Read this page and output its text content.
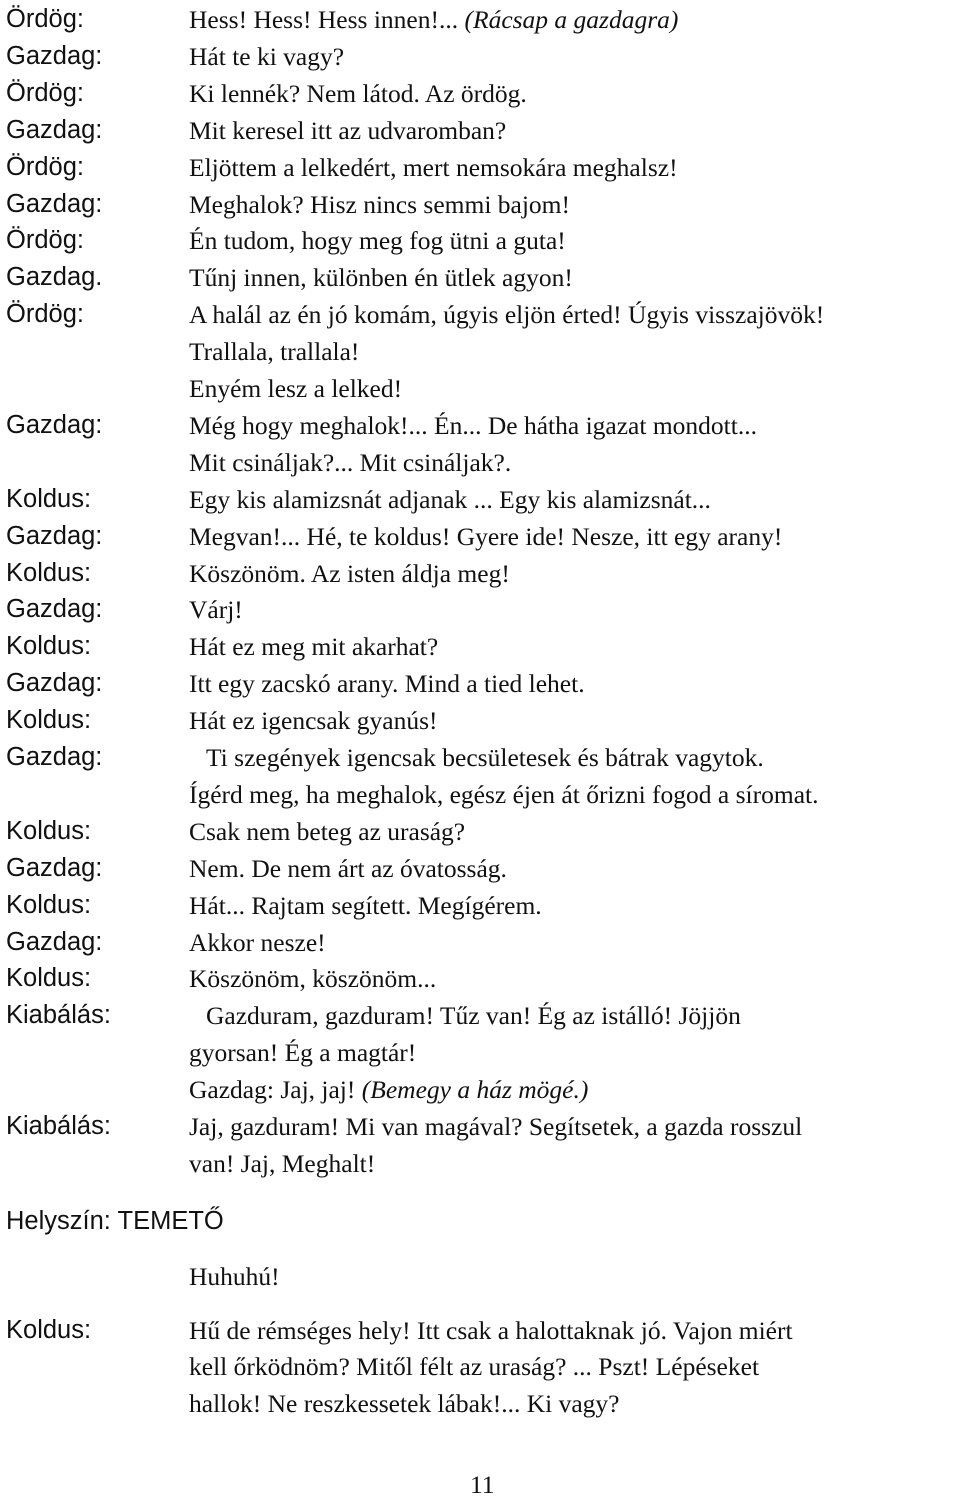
Ördög:	Hess! Hess! Hess innen!... (Rácsap a gazdagra)
Gazdag:	Hát te ki vagy?
Ördög:	Ki lennék? Nem látod. Az ördög.
Gazdag:	Mit keresel itt az udvaromban?
Ördög:	Eljöttem a lelkedért, mert nemsokára meghalsz!
Gazdag:	Meghalok? Hisz nincs semmi bajom!
Ördög:	Én tudom, hogy meg fog ütni a guta!
Gazdag.	Tűnj innen, különben én ütlek agyon!
Ördög:	A halál az én jó komám, úgyis eljön érted! Úgyis visszajövök!
Trallala, trallala!
Enyém lesz a lelked!
Gazdag:	Még hogy meghalok!... Én... De hátha igazat mondott...
Mit csináljak?... Mit csináljak?.
Koldus:	Egy kis alamizsnát adjanak ... Egy kis alamizsnát...
Gazdag:	Megvan!... Hé, te koldus! Gyere ide! Nesze, itt egy arany!
Koldus:	Köszönöm. Az isten áldja meg!
Gazdag:	Várj!
Koldus:	Hát ez meg mit akarhat?
Gazdag:	Itt egy zacskó arany. Mind a tied lehet.
Koldus:	Hát ez igencsak gyanús!
Gazdag:	Ti szegények igencsak becsületesek és bátrak vagytok.
Ígérd meg, ha meghalok, egész éjen át őrizni fogod a síromat.
Koldus:	Csak nem beteg az uraság?
Gazdag:	Nem. De nem árt az óvatosság.
Koldus:	Hát... Rajtam segített. Megígérem.
Gazdag:	Akkor nesze!
Koldus:	Köszönöm, köszönöm...
Kiabálás:	Gazduram, gazduram! Tűz van! Ég az istálló! Jöjjön
gyorsan! Ég a magtár!
Gazdag: Jaj, jaj! (Bemegy a ház mögé.)
Kiabálás:	Jaj, gazduram! Mi van magával? Segítsetek, a gazda rosszul
van! Jaj, Meghalt!
Helyszín: TEMETŐ
Huhuhú!
Koldus:	Hű de rémséges hely! Itt csak a halottaknak jó. Vajon miért
kell őrködnöm? Mitől félt az uraság? ... Pszt! Lépéseket
hallok! Ne reszkessetek lábak!... Ki vagy?
11
